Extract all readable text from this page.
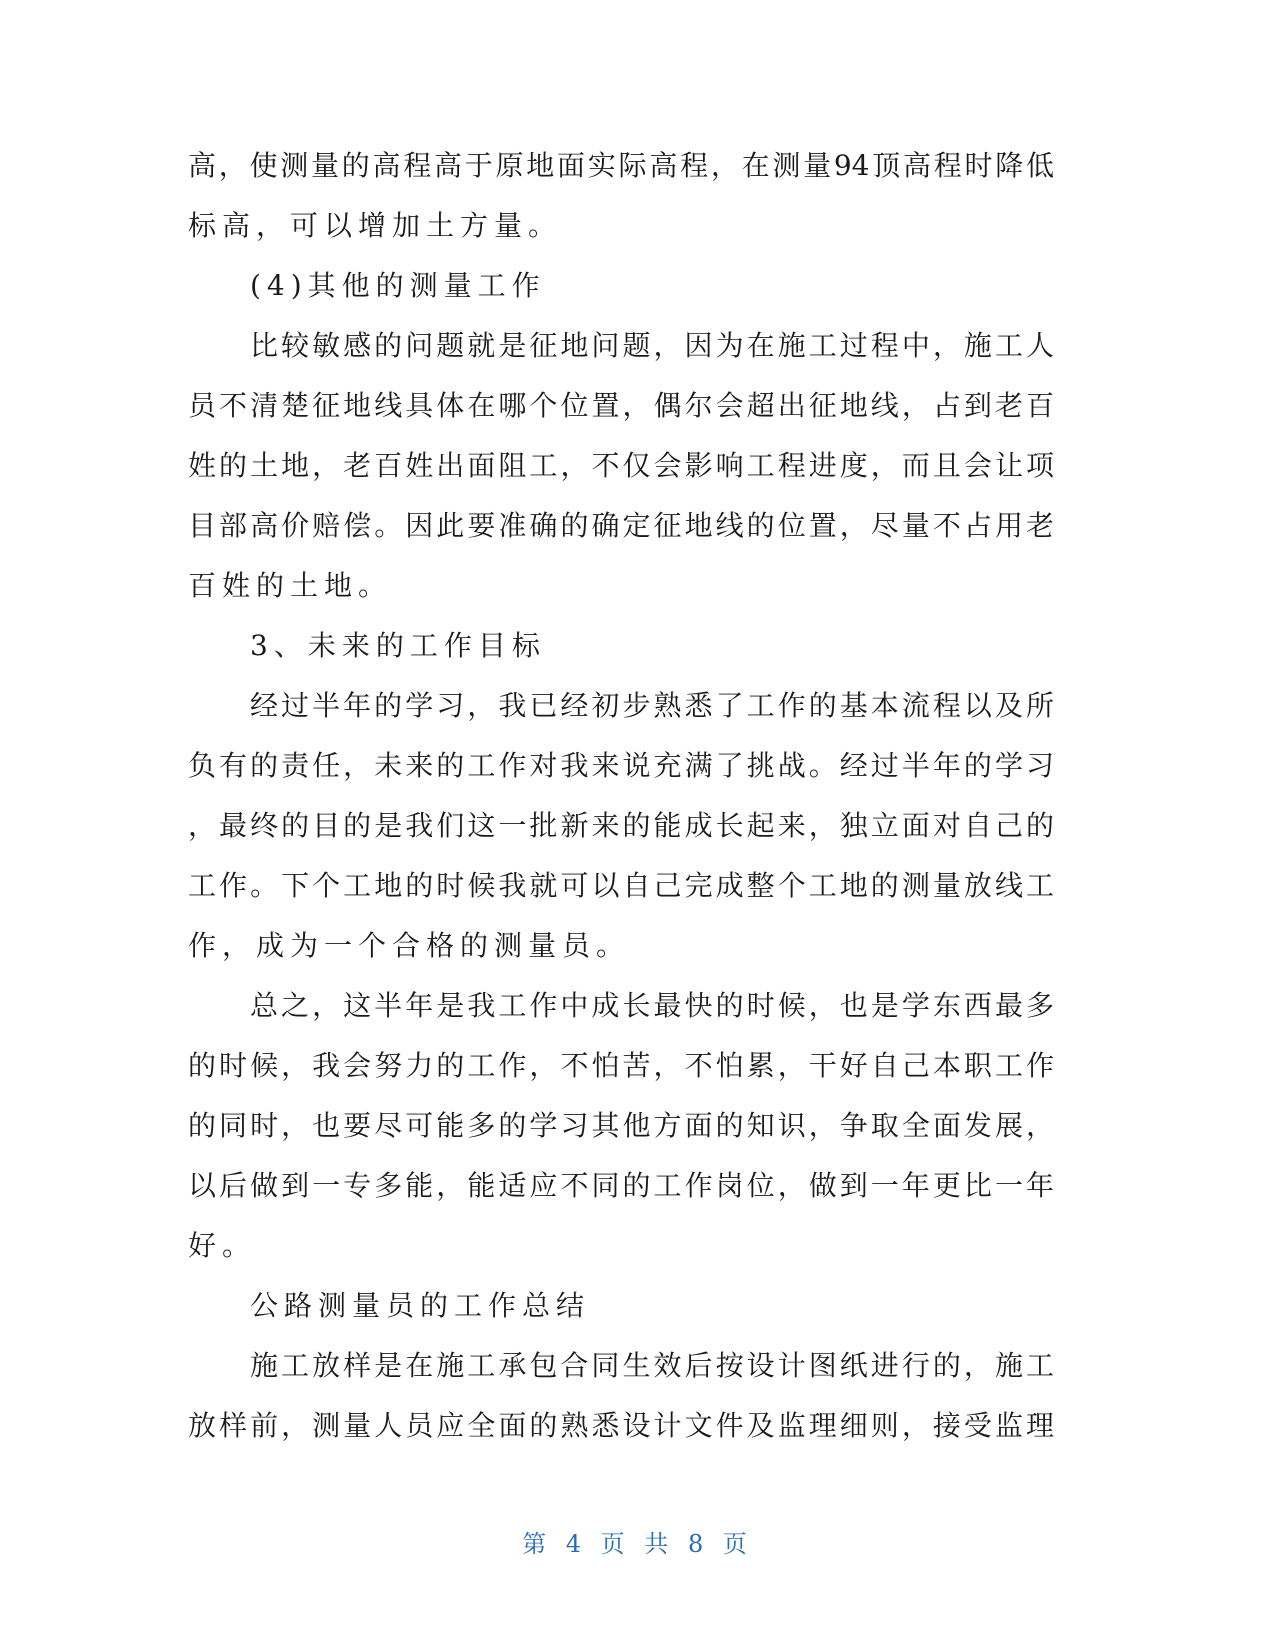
高，使测量的高程高于原地面实际高程，在测量94顶高程时降低
标高，可以增加土方量。
(4)其他的测量工作
比较敏感的问题就是征地问题，因为在施工过程中，施工人
员不清楚征地线具体在哪个位置，偶尔会超出征地线，占到老百
姓的土地，老百姓出面阻工，不仅会影响工程进度，而且会让项
目部高价赔偿。因此要准确的确定征地线的位置，尽量不占用老
百姓的土地。
3、未来的工作目标
经过半年的学习，我已经初步熟悉了工作的基本流程以及所
负有的责任，未来的工作对我来说充满了挑战。经过半年的学习
，最终的目的是我们这一批新来的能成长起来，独立面对自己的
工作。下个工地的时候我就可以自己完成整个工地的测量放线工
作，成为一个合格的测量员。
总之，这半年是我工作中成长最快的时候，也是学东西最多
的时候，我会努力的工作，不怕苦，不怕累，干好自己本职工作
的同时，也要尽可能多的学习其他方面的知识，争取全面发展，
以后做到一专多能，能适应不同的工作岗位，做到一年更比一年
好。
公路测量员的工作总结
施工放样是在施工承包合同生效后按设计图纸进行的，施工
放样前，测量人员应全面的熟悉设计文件及监理细则，接受监理
第 4 页 共 8 页
